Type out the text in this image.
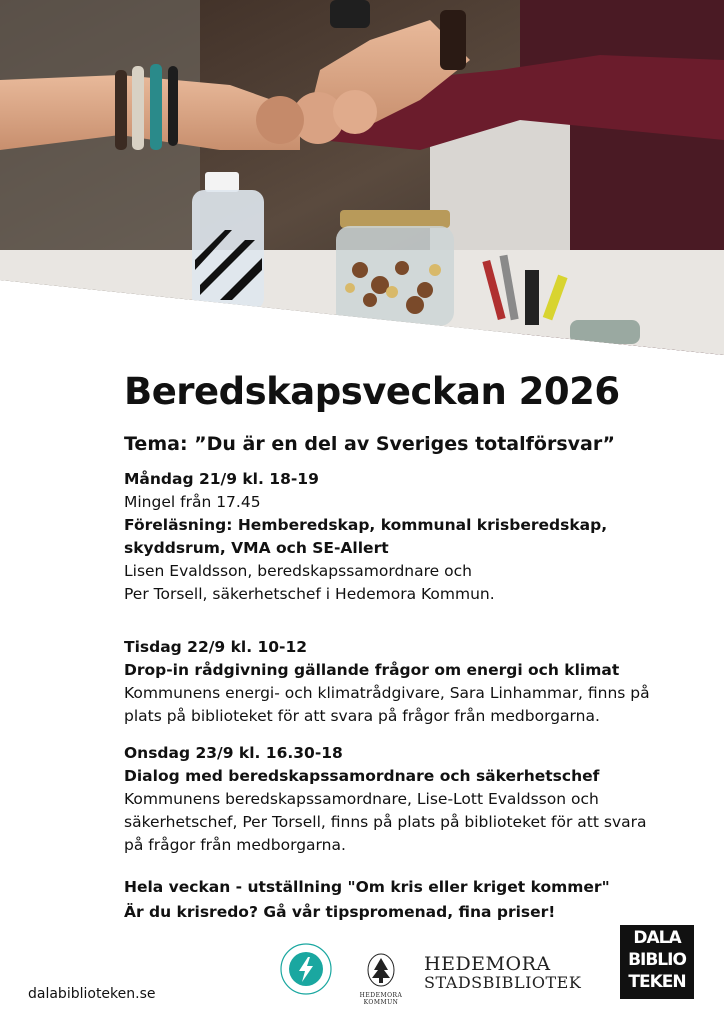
Beredskapsveckan 2026
Tema: ”Du är en del av Sveriges totalförsvar”
Måndag 21/9 kl. 18-19
Mingel från 17.45
Föreläsning: Hemberedskap, kommunal krisberedskap,
skyddsrum, VMA och SE-Allert
Lisen Evaldsson, beredskapssamordnare och
Per Torsell, säkerhetschef i Hedemora Kommun.
Tisdag 22/9 kl. 10-12
Drop-in rådgivning gällande frågor om energi och klimat
Kommunens energi- och klimatrådgivare, Sara Linhammar, finns på
plats på biblioteket för att svara på frågor från medborgarna.
Onsdag 23/9 kl. 16.30-18
Dialog med beredskapssamordnare och säkerhetschef
Kommunens beredskapssamordnare, Lise-Lott Evaldsson och
säkerhetschef, Per Torsell, finns på plats på biblioteket för att svara
på frågor från medborgarna.
Hela veckan - utställning "Om kris eller kriget kommer"
Är du krisredo? Gå vår tipspromenad, fina priser!
dalabiblioteken.se	HEDEMORA KOMMUN
HEDEMORA
STADSBIBLIOTEK
DALA
BIBLIO
TEKEN
